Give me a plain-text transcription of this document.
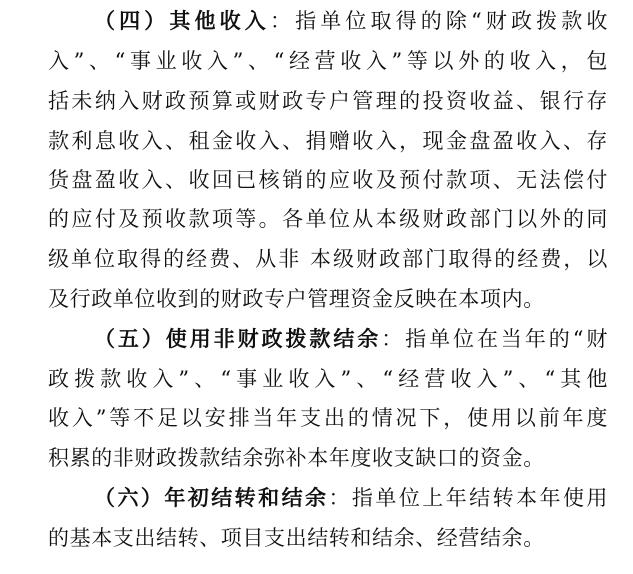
（四）其他收入：指单位取得的除“财政拨款收
入”、“事业收入”、“经营收入”等以外的收入，包
括未纳入财政预算或财政专户管理的投资收益、银行存
款利息收入、租金收入、捐赠收入，现金盘盈收入、存
货盘盈收入、收回已核销的应收及预付款项、无法偿付
的应付及预收款项等。各单位从本级财政部门以外的同
级单位取得的经费、从非 本级财政部门取得的经费，以
及行政单位收到的财政专户管理资金反映在本项内。
（五）使用非财政拨款结余：指单位在当年的“财
政拨款收入”、“事业收入”、“经营收入”、“其他
收入”等不足以安排当年支出的情况下，使用以前年度
积累的非财政拨款结余弥补本年度收支缺口的资金。
（六）年初结转和结余：指单位上年结转本年使用
的基本支出结转、项目支出结转和结余、经营结余。
